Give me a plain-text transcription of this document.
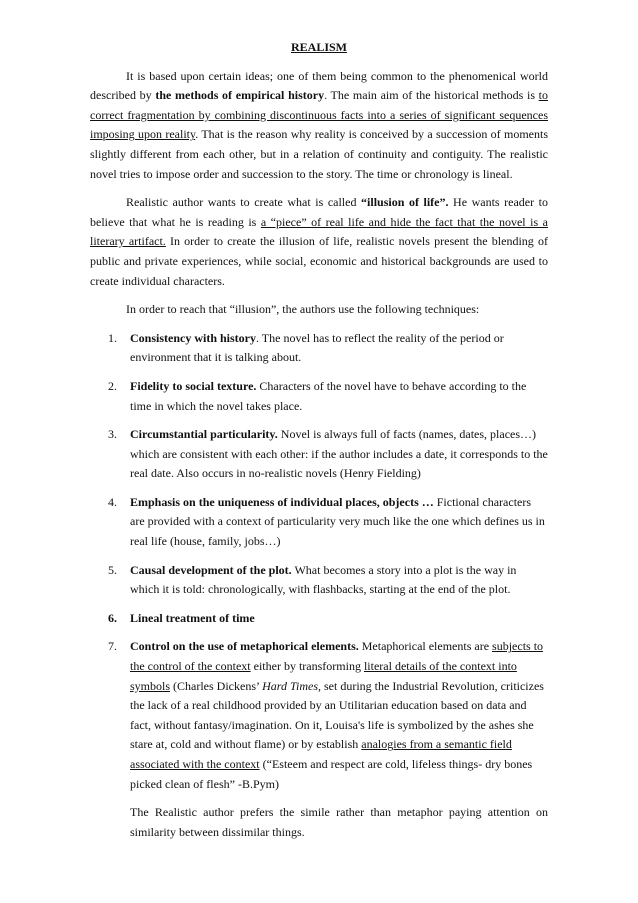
REALISM

It is based upon certain ideas; one of them being common to the phenomenical world described by the methods of empirical history. The main aim of the historical methods is to correct fragmentation by combining discontinuous facts into a series of significant sequences imposing upon reality. That is the reason why reality is conceived by a succession of moments slightly different from each other, but in a relation of continuity and contiguity. The realistic novel tries to impose order and succession to the story. The time or chronology is lineal.

Realistic author wants to create what is called “illusion of life”. He wants reader to believe that what he is reading is a “piece” of real life and hide the fact that the novel is a literary artifact. In order to create the illusion of life, realistic novels present the blending of public and private experiences, while social, economic and historical backgrounds are used to create individual characters.

In order to reach that “illusion”, the authors use the following techniques:

1. Consistency with history. The novel has to reflect the reality of the period or environment that it is talking about.
2. Fidelity to social texture. Characters of the novel have to behave according to the time in which the novel takes place.
3. Circumstantial particularity. Novel is always full of facts (names, dates, places…) which are consistent with each other: if the author includes a date, it corresponds to the real date. Also occurs in no-realistic novels (Henry Fielding)
4. Emphasis on the uniqueness of individual places, objects … Fictional characters are provided with a context of particularity very much like the one which defines us in real life (house, family, jobs…)
5. Causal development of the plot. What becomes a story into a plot is the way in which it is told: chronologically, with flashbacks, starting at the end of the plot.
6. Lineal treatment of time
7. Control on the use of metaphorical elements. Metaphorical elements are subjects to the control of the context either by transforming literal details of the context into symbols (Charles Dickens’ Hard Times, set during the Industrial Revolution, criticizes the lack of a real childhood provided by an Utilitarian education based on data and fact, without fantasy/imagination. On it, Louisa's life is symbolized by the ashes she stare at, cold and without flame) or by establish analogies from a semantic field associated with the context (“Esteem and respect are cold, lifeless things- dry bones picked clean of flesh” -B.Pym)

The Realistic author prefers the simile rather than metaphor paying attention on similarity between dissimilar things.
